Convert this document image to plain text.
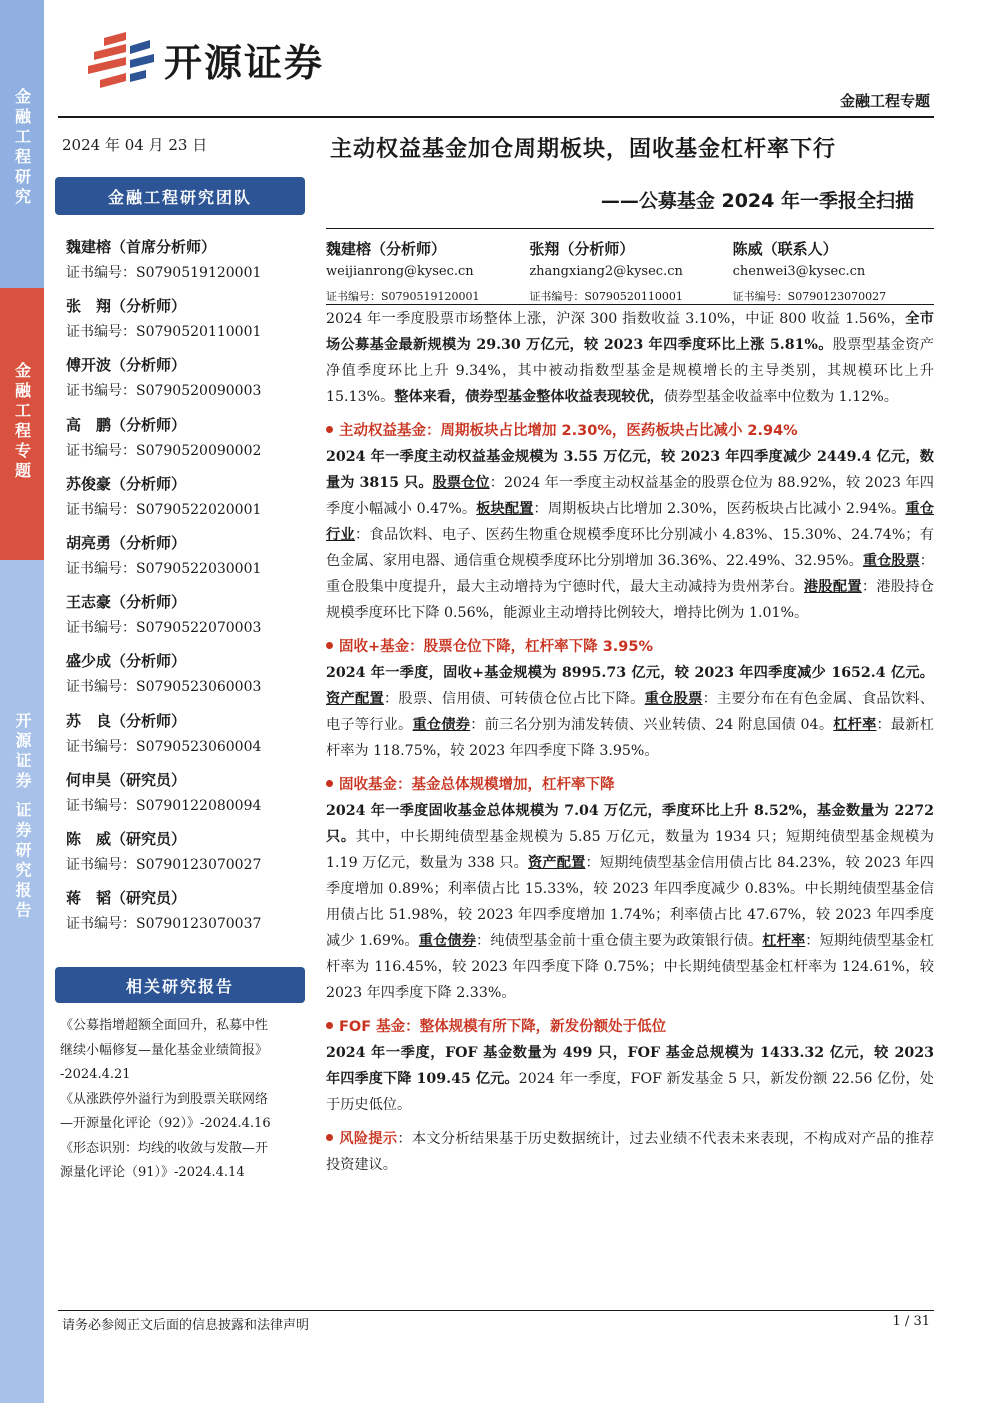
金融工程研究
金融工程专题
开源证券 证券研究报告
开源证券
金融工程专题
2024 年 04 月 23 日	主动权益基金加仓周期板块，固收基金杠杆率下行
——公募基金 2024 年一季报全扫描
金融工程研究团队
魏建榕（首席分析师）
证书编号：S0790519120001
张　翔（分析师）
证书编号：S0790520110001
傅开波（分析师）
证书编号：S0790520090003
高　鹏（分析师）
证书编号：S0790520090002
苏俊豪（分析师）
证书编号：S0790522020001
胡亮勇（分析师）
证书编号：S0790522030001
王志豪（分析师）
证书编号：S0790522070003
盛少成（分析师）
证书编号：S0790523060003
苏　良（分析师）
证书编号：S0790523060004
何申昊（研究员）
证书编号：S0790122080094
陈　威（研究员）
证书编号：S0790123070027
蒋　韬（研究员）
证书编号：S0790123070037
相关研究报告
《公募指增超额全面回升，私募中性
继续小幅修复—量化基金业绩简报》
-2024.4.21
《从涨跌停外溢行为到股票关联网络
—开源量化评论（92）》-2024.4.16
《形态识别：均线的收敛与发散—开
源量化评论（91）》-2024.4.14
魏建榕（分析师）
weijianrong@kysec.cn
证书编号：S0790519120001
张翔（分析师）
zhangxiang2@kysec.cn
证书编号：S0790520110001
陈威（联系人）
chenwei3@kysec.cn
证书编号：S0790123070027

2024 年一季度股票市场整体上涨，沪深 300 指数收益 3.10%，中证 800 收益 1.56%，全市场公募基金最新规模为 29.30 万亿元，较 2023 年四季度环比上涨 5.81%。股票型基金资产净值季度环比上升 9.34%，其中被动指数型基金是规模增长的主导类别，其规模环比上升 15.13%。整体来看，债券型基金整体收益表现较优，债券型基金收益率中位数为 1.12%。

主动权益基金：周期板块占比增加 2.30%，医药板块占比减小 2.94%

2024 年一季度主动权益基金规模为 3.55 万亿元，较 2023 年四季度减少 2449.4 亿元，数量为 3815 只。股票仓位：2024 年一季度主动权益基金的股票仓位为 88.92%，较 2023 年四季度小幅减小 0.47%。板块配置：周期板块占比增加 2.30%，医药板块占比减小 2.94%。重仓行业：食品饮料、电子、医药生物重仓规模季度环比分别减小 4.83%、15.30%、24.74%；有色金属、家用电器、通信重仓规模季度环比分别增加 36.36%、22.49%、32.95%。重仓股票：重仓股集中度提升，最大主动增持为宁德时代，最大主动减持为贵州茅台。港股配置：港股持仓规模季度环比下降 0.56%，能源业主动增持比例较大，增持比例为 1.01%。

固收+基金：股票仓位下降，杠杆率下降 3.95%

2024 年一季度，固收+基金规模为 8995.73 亿元，较 2023 年四季度减少 1652.4 亿元。资产配置：股票、信用债、可转债仓位占比下降。重仓股票：主要分布在有色金属、食品饮料、电子等行业。重仓债券：前三名分别为浦发转债、兴业转债、24 附息国债 04。杠杆率：最新杠杆率为 118.75%，较 2023 年四季度下降 3.95%。

固收基金：基金总体规模增加，杠杆率下降

2024 年一季度固收基金总体规模为 7.04 万亿元，季度环比上升 8.52%，基金数量为 2272 只。其中，中长期纯债型基金规模为 5.85 万亿元，数量为 1934 只；短期纯债型基金规模为 1.19 万亿元，数量为 338 只。资产配置：短期纯债型基金信用债占比 84.23%，较 2023 年四季度增加 0.89%；利率债占比 15.33%，较 2023 年四季度减少 0.83%。中长期纯债型基金信用债占比 51.98%，较 2023 年四季度增加 1.74%；利率债占比 47.67%，较 2023 年四季度减少 1.69%。重仓债券：纯债型基金前十重仓债主要为政策银行债。杠杆率：短期纯债型基金杠杆率为 116.45%，较 2023 年四季度下降 0.75%；中长期纯债型基金杠杆率为 124.61%，较 2023 年四季度下降 2.33%。

FOF 基金：整体规模有所下降，新发份额处于低位

2024 年一季度，FOF 基金数量为 499 只，FOF 基金总规模为 1433.32 亿元，较 2023 年四季度下降 109.45 亿元。2024 年一季度，FOF 新发基金 5 只，新发份额 22.56 亿份，处于历史低位。

风险提示：本文分析结果基于历史数据统计，过去业绩不代表未来表现，不构成对产品的推荐投资建议。

请务必参阅正文后面的信息披露和法律声明	1 / 31
